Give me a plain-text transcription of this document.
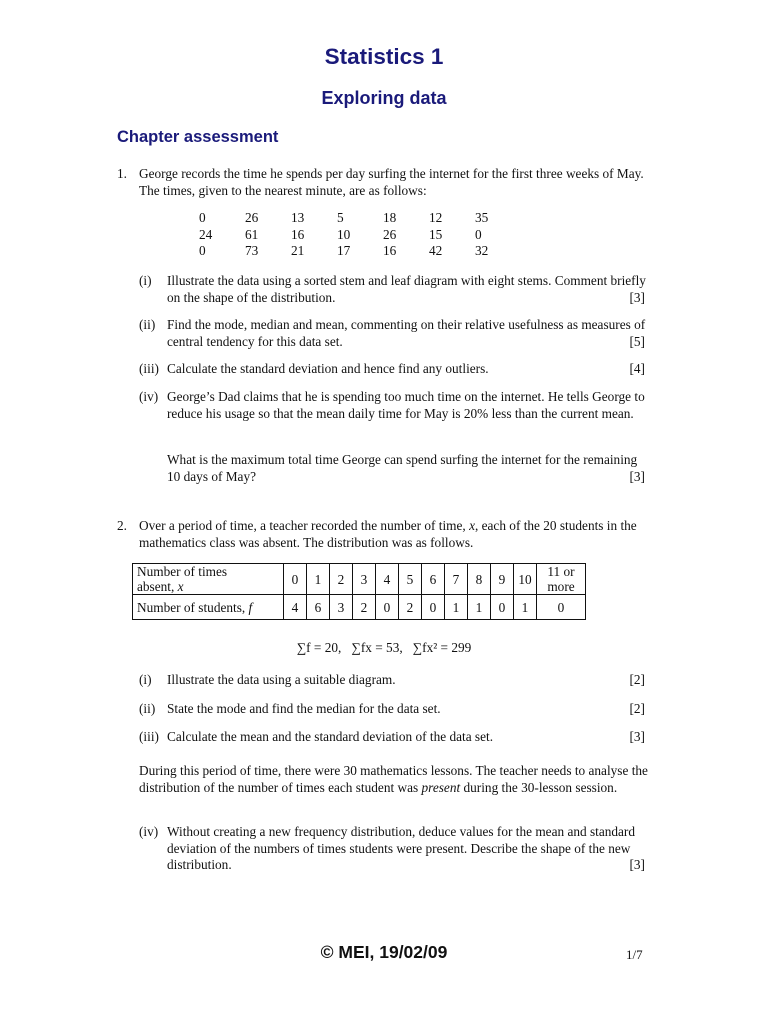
Statistics 1
Exploring data
Chapter assessment
1. George records the time he spends per day surfing the internet for the first three weeks of May. The times, given to the nearest minute, are as follows:
0	26	13	5	18	12	35
24	61	16	10	26	15	0
0	73	21	17	16	42	32
(i) Illustrate the data using a sorted stem and leaf diagram with eight stems. Comment briefly on the shape of the distribution.	[3]
(ii) Find the mode, median and mean, commenting on their relative usefulness as measures of central tendency for this data set.	[5]
(iii) Calculate the standard deviation and hence find any outliers.	[4]
(iv) George’s Dad claims that he is spending too much time on the internet. He tells George to reduce his usage so that the mean daily time for May is 20% less than the current mean.
What is the maximum total time George can spend surfing the internet for the remaining 10 days of May?	[3]
2. Over a period of time, a teacher recorded the number of time, x, each of the 20 students in the mathematics class was absent. The distribution was as follows.
Number of times
absent, x	0	1	2	3	4	5	6	7	8	9	10	11 or
more
Number of students, f	4	6	3	2	0	2	0	1	1	0	1	0
∑f = 20, ∑fx = 53, ∑fx² = 299
(i) Illustrate the data using a suitable diagram.	[2]
(ii) State the mode and find the median for the data set.	[2]
(iii) Calculate the mean and the standard deviation of the data set.	[3]
During this period of time, there were 30 mathematics lessons. The teacher needs to analyse the distribution of the number of times each student was present during the 30-lesson session.
(iv) Without creating a new frequency distribution, deduce values for the mean and standard deviation of the numbers of times students were present. Describe the shape of the new distribution.	[3]
© MEI, 19/02/09	1/7
